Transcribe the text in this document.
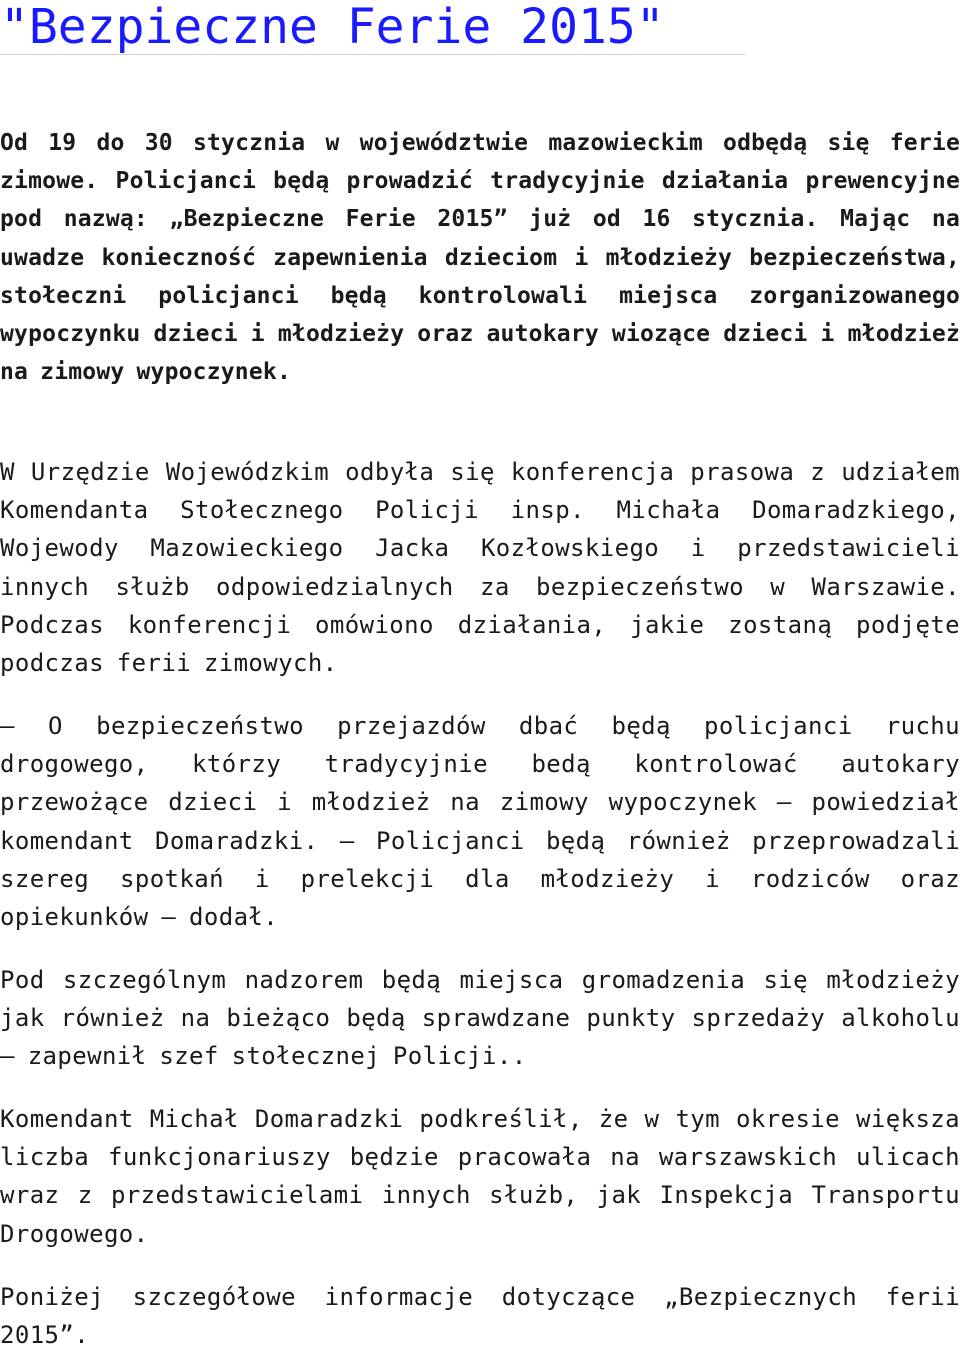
"Bezpieczne Ferie 2015"

Od 19 do 30 stycznia w województwie mazowieckim odbędą się ferie zimowe. Policjanci będą prowadzić tradycyjnie działania prewencyjne pod nazwą: „Bezpieczne Ferie 2015” już od 16 stycznia. Mając na uwadze konieczność zapewnienia dzieciom i młodzieży bezpieczeństwa, stołeczni policjanci będą kontrolowali miejsca zorganizowanego wypoczynku dzieci i młodzieży oraz autokary wiozące dzieci i młodzież na zimowy wypoczynek.

W Urzędzie Wojewódzkim odbyła się konferencja prasowa z udziałem Komendanta Stołecznego Policji insp. Michała Domaradzkiego, Wojewody Mazowieckiego Jacka Kozłowskiego i przedstawicieli innych służb odpowiedzialnych za bezpieczeństwo w Warszawie. Podczas konferencji omówiono działania, jakie zostaną podjęte podczas ferii zimowych.

– O bezpieczeństwo przejazdów dbać będą policjanci ruchu drogowego, którzy tradycyjnie bedą kontrolować autokary przewożące dzieci i młodzież na zimowy wypoczynek – powiedział komendant Domaradzki. – Policjanci będą również przeprowadzali szereg spotkań i prelekcji dla młodzieży i rodziców oraz opiekunków – dodał.

Pod szczególnym nadzorem będą miejsca gromadzenia się młodzieży jak również na bieżąco będą sprawdzane punkty sprzedaży alkoholu – zapewnił szef stołecznej Policji..

Komendant Michał Domaradzki podkreślił, że w tym okresie większa liczba funkcjonariuszy będzie pracowała na warszawskich ulicach wraz z przedstawicielami innych służb, jak Inspekcja Transportu Drogowego.

Poniżej szczegółowe informacje dotyczące „Bezpiecznych ferii 2015”.
